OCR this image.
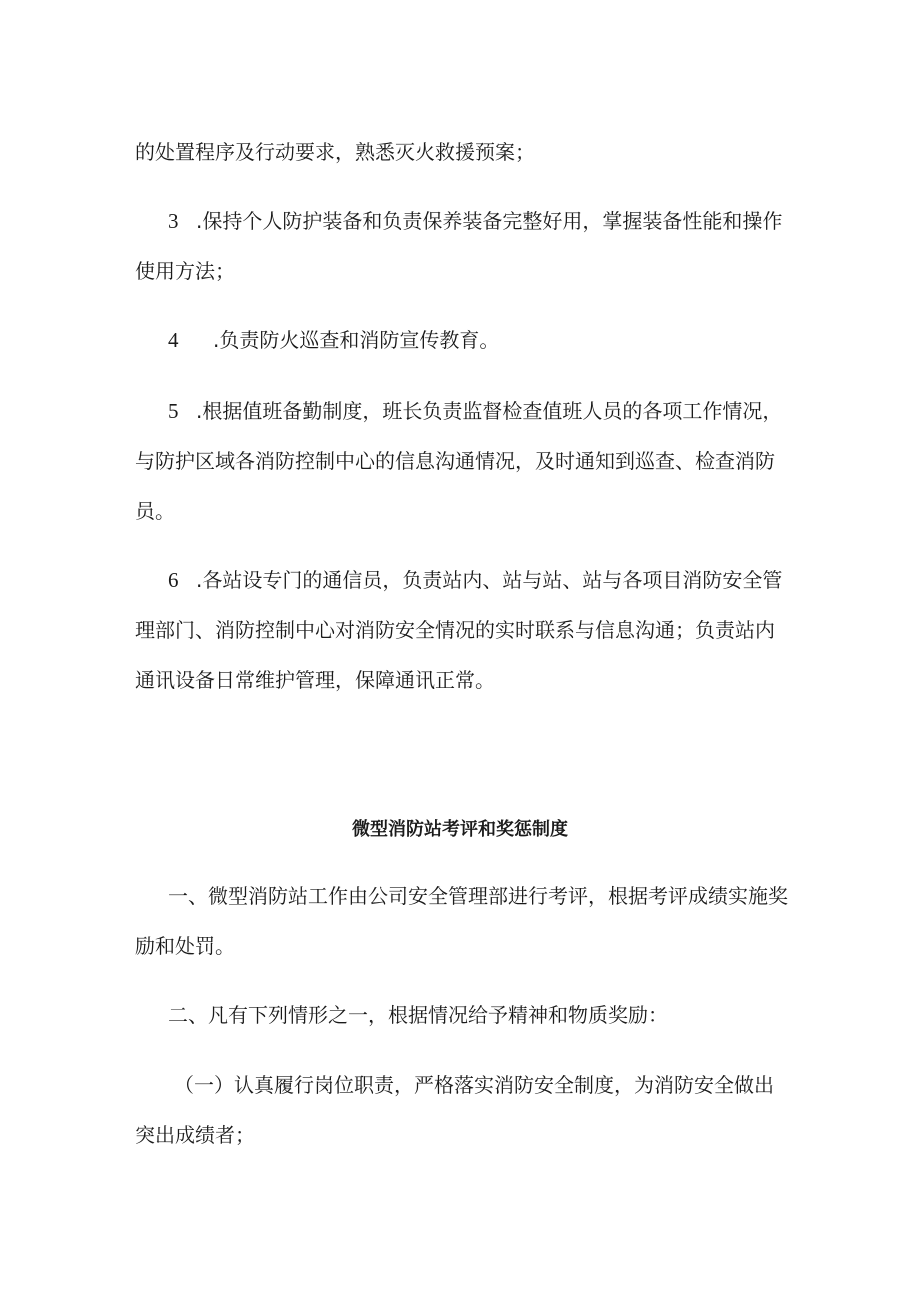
的处置程序及行动要求，熟悉灭火救援预案；
3 .保持个人防护装备和负责保养装备完整好用，掌握装备性能和操作
使用方法；
4 .负责防火巡查和消防宣传教育。
5 .根据值班备勤制度，班长负责监督检查值班人员的各项工作情况，
与防护区域各消防控制中心的信息沟通情况，及时通知到巡查、检查消防
员。
6 .各站设专门的通信员，负责站内、站与站、站与各项目消防安全管
理部门、消防控制中心对消防安全情况的实时联系与信息沟通；负责站内
通讯设备日常维护管理，保障通讯正常。
微型消防站考评和奖惩制度
一、微型消防站工作由公司安全管理部进行考评，根据考评成绩实施奖
励和处罚。
二、凡有下列情形之一，根据情况给予精神和物质奖励：
（一）认真履行岗位职责，严格落实消防安全制度，为消防安全做出
突出成绩者；
